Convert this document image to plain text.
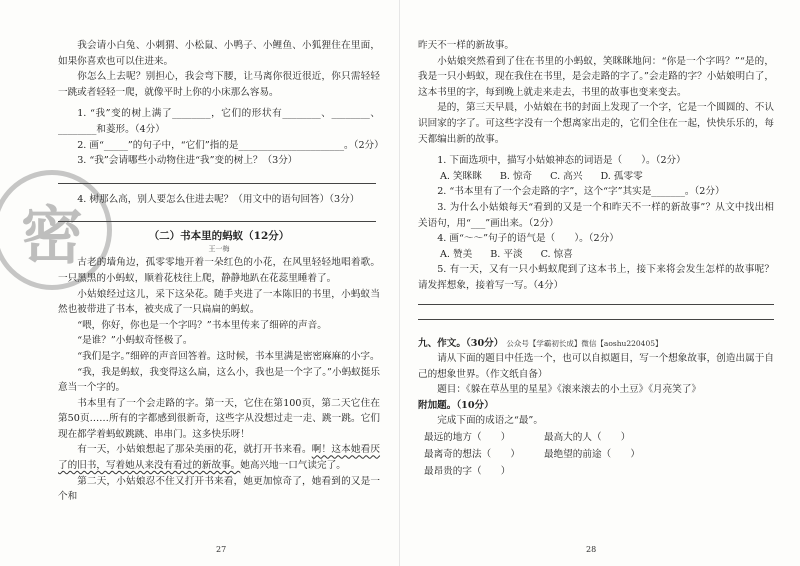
密

我会请小白兔、小刺猬、小松鼠、小鸭子、小鲤鱼、小狐狸住在里面，如果你喜欢也可以住进来。

你怎么上去呢？别担心，我会弯下腰，让马离你很近很近，你只需轻轻一跳或者轻轻一爬，就像平时上你的小床那么容易。

1. “我”变的树上满了________，它们的形状有________、________、________和菱形。（4分）

2. 画“_____”的句子中，“它们”指的是______________________。（2分）

3. “我”会请哪些小动物住进“我”变的树上？（3分）

4. 树那么高，别人要怎么住进去呢？（用文中的语句回答）（3分）

（二）书本里的蚂蚁（12分）
王一梅

古老的墙角边，孤零零地开着一朵红色的小花，在风里轻轻地唱着歌。一只黑黑的小蚂蚁，顺着花枝往上爬，静静地趴在花蕊里睡着了。

小姑娘经过这儿，采下这朵花。随手夹进了一本陈旧的书里，小蚂蚁当然也被带进了书本，被夹成了一只扁扁的蚂蚁。

“喂，你好，你也是一个字吗？”书本里传来了细碎的声音。

“是谁？”小蚂蚁奇怪极了。

“我们是字。”细碎的声音回答着。这时候，书本里满是密密麻麻的小字。

“我，我是蚂蚁，我变得这么扁，这么小，我也是一个字了。”小蚂蚁挺乐意当一个字的。

书本里有了一个会走路的字。第一天，它住在第100页，第二天它住在第50页……所有的字都感到很新奇，这些字从没想过走一走、跳一跳。它们现在都学着蚂蚁跳跳、串串门。这多快乐呀！

有一天，小姑娘想起了那朵美丽的花，就打开书来看。啊！这本她看厌了的旧书，写着她从来没有看过的新故事。她高兴地一口气读完了。

第二天，小姑娘忍不住又打开书来看，她更加惊奇了，她看到的又是一个和

27

昨天不一样的新故事。

小姑娘突然看到了住在书里的小蚂蚁，笑眯眯地问：“你是一个字吗？”“是的，我是一只小蚂蚁，现在我住在书里，是会走路的字了。”会走路的字？小姑娘明白了，这本书里的字，每到晚上就走来走去，书里的故事也变来变去。

是的，第三天早晨，小姑娘在书的封面上发现了一个字，它是一个圆圆的、不认识回家的字了。可这些字没有一个想离家出走的，它们全住在一起，快快乐乐的，每天都编出新的故事。

1. 下面选项中，描写小姑娘神态的词语是（　　）。（2分）

A. 笑眯眯 B. 惊奇 C. 高兴 D. 孤零零

2. “书本里有了一个会走路的字”，这个“字”其实是_______。（2分）

3. 为什么小姑娘每天“看到的又是一个和昨天不一样的新故事”？从文中找出相关语句，用“___”画出来。（2分）

4. 画“～～”句子的语气是（　　）。（2分）

A. 赞美 B. 平淡 C. 惊喜

5. 有一天，又有一只小蚂蚁爬到了这本书上，接下来将会发生怎样的故事呢？请发挥想象，接着写一写。（4分）

九、作文。（30分） 公众号【学霸初长成】微信【aoshu220405】

请从下面的题目中任选一个，也可以自拟题目，写一个想象故事，创造出属于自己的想象世界。（作文纸自备）

题目：《躲在草丛里的星星》《滚来滚去的小土豆》《月亮笑了》

附加题。（10分）

完成下面的成语之“最”。

最远的地方（　　）	最高大的人（　　）
最离奇的想法（　　）	最绝望的前途（　　）
最昂贵的字（　　）
28
